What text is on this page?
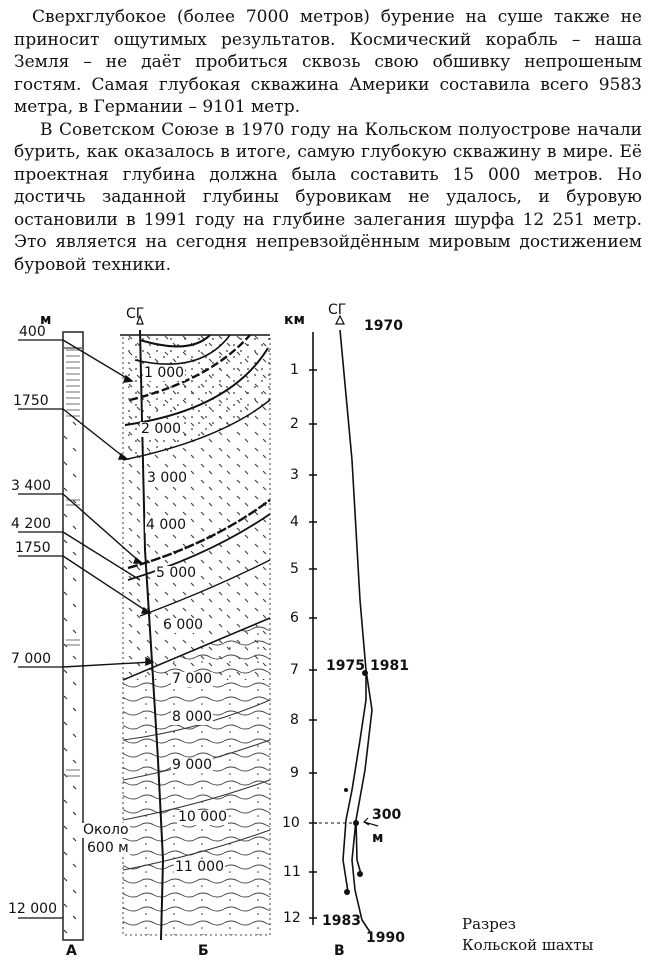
Сверхглубокое (более 7000 метров) бурение на суше также не приносит ощутимых результатов. Космический корабль – наша Земля – не даёт пробиться сквозь свою обшивку непрошеным гостям. Самая глубокая скважина Америки составила всего 9583 метра, в Германии – 9101 метр.

В Советском Союзе в 1970 году на Кольском полуострове начали бурить, как оказалось в итоге, самую глубокую скважину в мире. Её проектная глубина должна была составить 15 000 метров. Но достичь заданной глубины буровикам не удалось, и буровую остановили в 1991 году на глубине залегания шурфа 12 251 метр. Это является на сегодня непревзойдённым мировым достижением буровой техники.

м
400
1750
3 400
4 200
1750
7 000
12 000
А
СГ
1 000
2 000
3 000
4 000
5 000
6 000
7 000
8 000
9 000
10 000
11 000
Около
600 м
Б
км
СГ
1970
1
2
3
4
5
6
7
8
9
10
11
12
1975 1981
1983
1990
300
м
В
Разрез
Кольской шахты
